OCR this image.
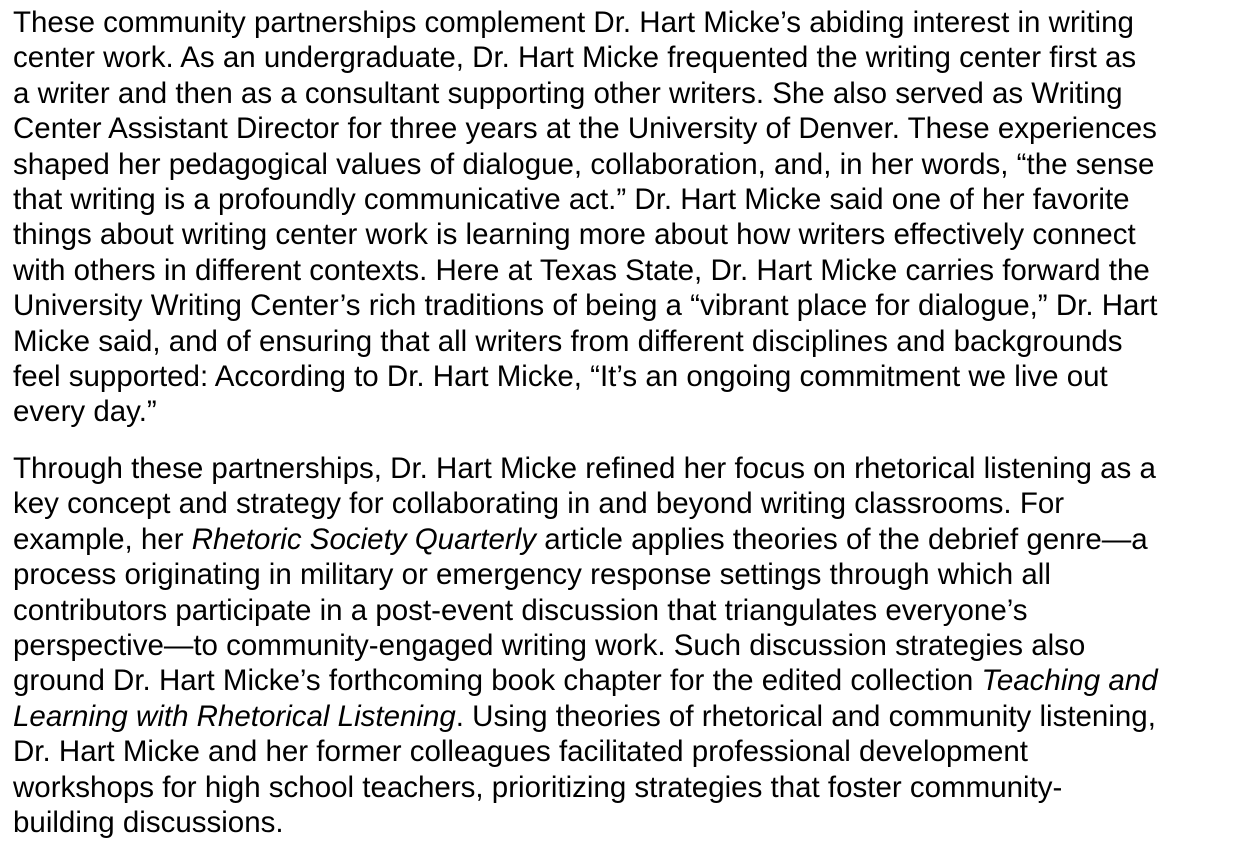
These community partnerships complement Dr. Hart Micke’s abiding interest in writing
center work. As an undergraduate, Dr. Hart Micke frequented the writing center first as
a writer and then as a consultant supporting other writers. She also served as Writing
Center Assistant Director for three years at the University of Denver. These experiences
shaped her pedagogical values of dialogue, collaboration, and, in her words, “the sense
that writing is a profoundly communicative act.” Dr. Hart Micke said one of her favorite
things about writing center work is learning more about how writers effectively connect
with others in different contexts. Here at Texas State, Dr. Hart Micke carries forward the
University Writing Center’s rich traditions of being a “vibrant place for dialogue,” Dr. Hart
Micke said, and of ensuring that all writers from different disciplines and backgrounds
feel supported: According to Dr. Hart Micke, “It’s an ongoing commitment we live out
every day.”
Through these partnerships, Dr. Hart Micke refined her focus on rhetorical listening as a
key concept and strategy for collaborating in and beyond writing classrooms. For
example, her Rhetoric Society Quarterly article applies theories of the debrief genre—a
process originating in military or emergency response settings through which all
contributors participate in a post-event discussion that triangulates everyone’s
perspective—to community-engaged writing work. Such discussion strategies also
ground Dr. Hart Micke’s forthcoming book chapter for the edited collection Teaching and
Learning with Rhetorical Listening. Using theories of rhetorical and community listening,
Dr. Hart Micke and her former colleagues facilitated professional development
workshops for high school teachers, prioritizing strategies that foster community-
building discussions.
